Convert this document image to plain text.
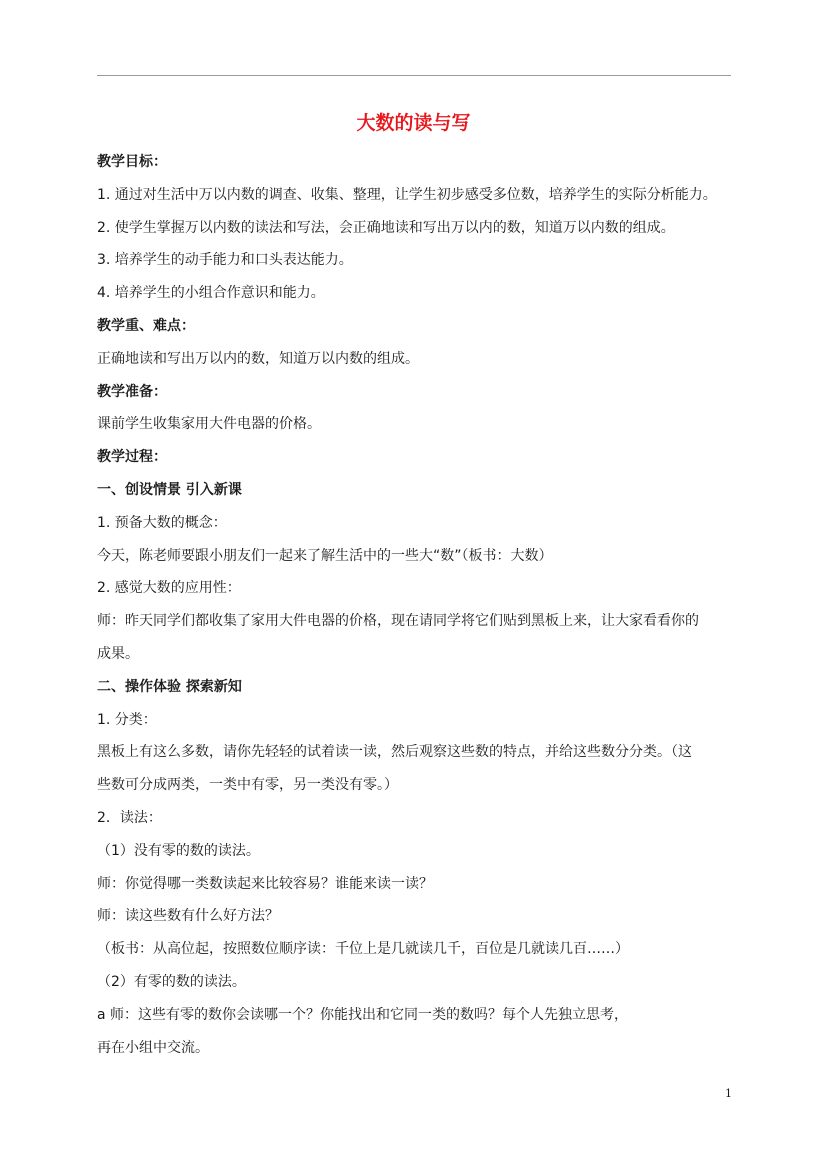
大数的读与写
教学目标：
1. 通过对生活中万以内数的调查、收集、整理，让学生初步感受多位数，培养学生的实际分析能力。
2. 使学生掌握万以内数的读法和写法，会正确地读和写出万以内的数，知道万以内数的组成。
3. 培养学生的动手能力和口头表达能力。
4. 培养学生的小组合作意识和能力。
教学重、难点：
正确地读和写出万以内的数，知道万以内数的组成。
教学准备：
课前学生收集家用大件电器的价格。
教学过程：
一、创设情景 引入新课
1. 预备大数的概念：
今天，陈老师要跟小朋友们一起来了解生活中的一些大“数”（板书：大数）
2. 感觉大数的应用性：
师：昨天同学们都收集了家用大件电器的价格，现在请同学将它们贴到黑板上来，让大家看看你的
成果。
二、操作体验 探索新知
1. 分类：
黑板上有这么多数，请你先轻轻的试着读一读，然后观察这些数的特点，并给这些数分分类。（这
些数可分成两类，一类中有零，另一类没有零。）
2．读法：
（1）没有零的数的读法。
师：你觉得哪一类数读起来比较容易？谁能来读一读？
师：读这些数有什么好方法？
（板书：从高位起，按照数位顺序读：千位上是几就读几千，百位是几就读几百……）
（2）有零的数的读法。
a 师：这些有零的数你会读哪一个？你能找出和它同一类的数吗？每个人先独立思考，
再在小组中交流。
1
